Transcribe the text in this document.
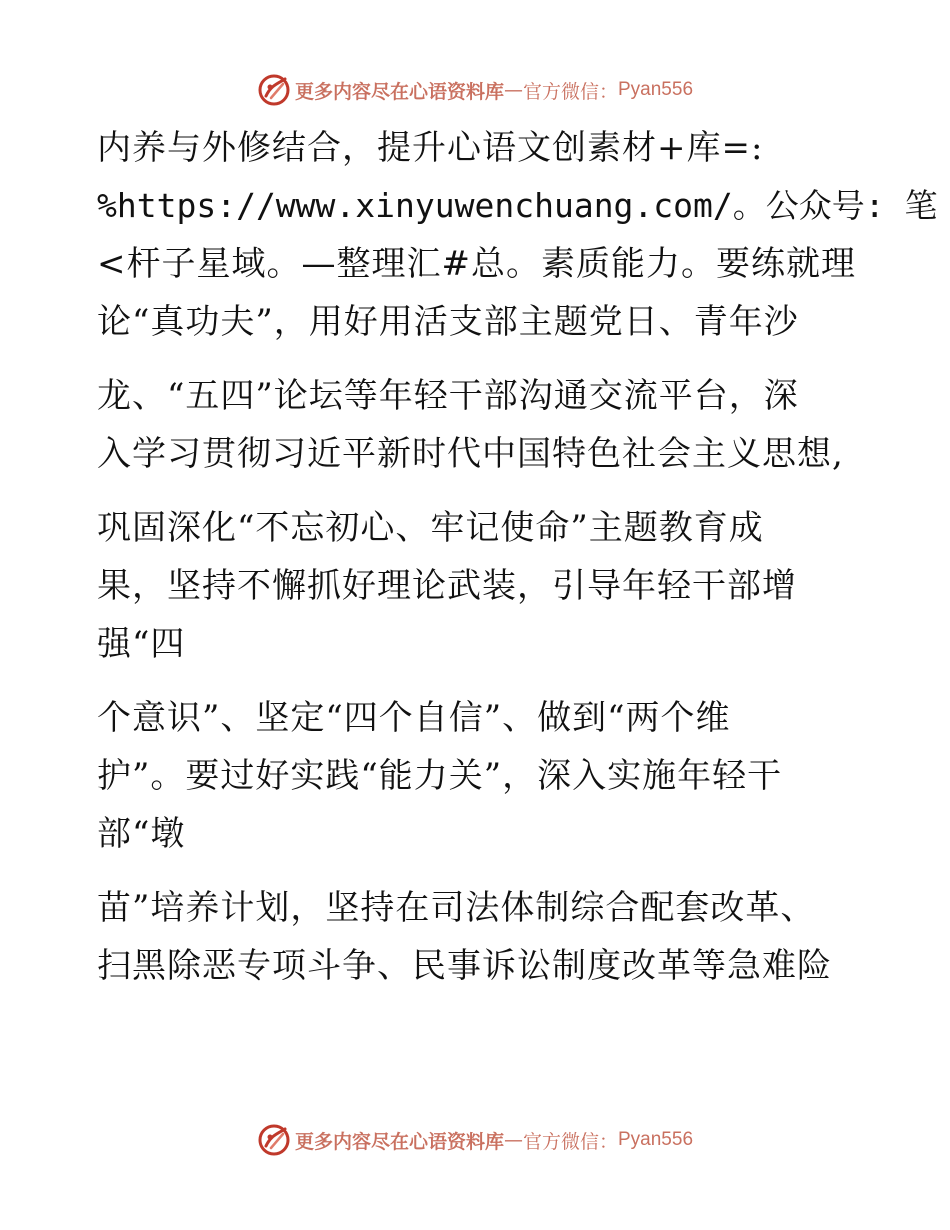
更多内容尽在心语资料库 — 官方微信： Pyan556
内养与外修结合，提升心语文创素材+库=:
%https://www.xinyuwenchuang.com/。公众号: 笔
<杆子星域。—整理汇#总。素质能力。要练就理
论“真功夫”，用好用活支部主题党日、青年沙
龙、“五四”论坛等年轻干部沟通交流平台，深
入学习贯彻习近平新时代中国特色社会主义思想,
巩固深化“不忘初心、牢记使命”主题教育成
果，坚持不懈抓好理论武装，引导年轻干部增
强“四
个意识”、坚定“四个自信”、做到“两个维
护”。要过好实践“能力关”，深入实施年轻干
部“墩
苗”培养计划，坚持在司法体制综合配套改革、
扫黑除恶专项斗争、民事诉讼制度改革等急难险
更多内容尽在心语资料库 — 官方微信： Pyan556
